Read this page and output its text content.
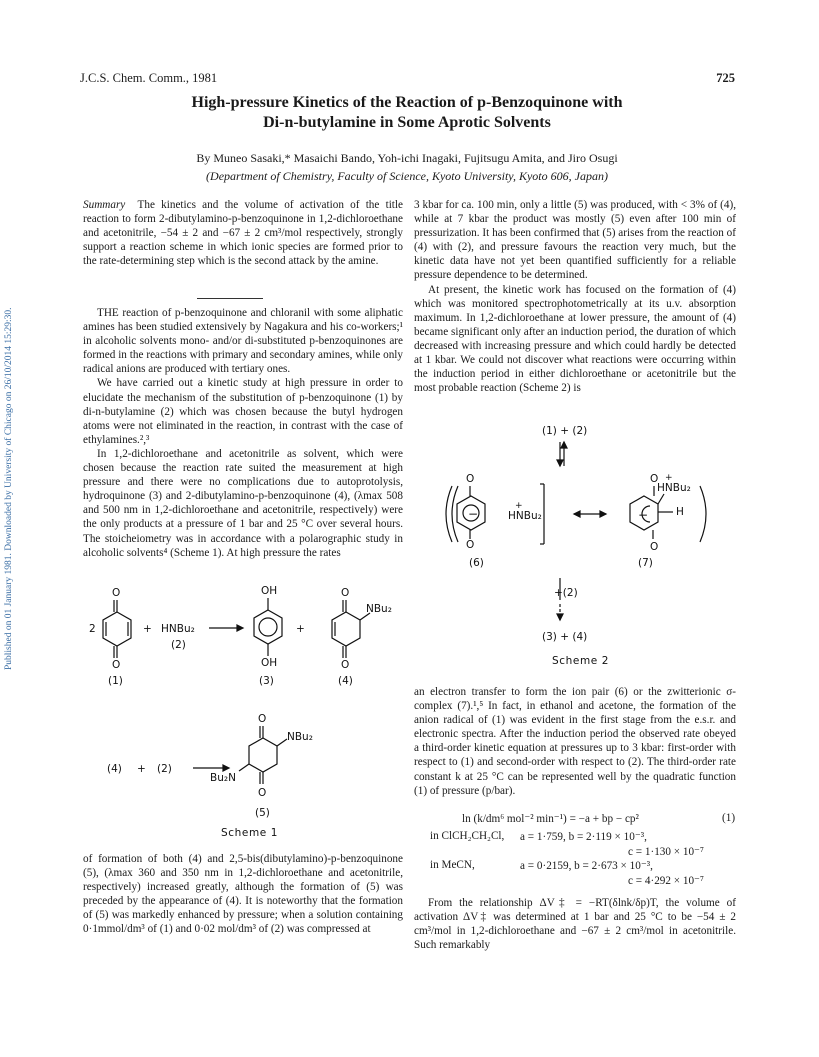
Published on 01 January 1981. Downloaded by University of Chicago on 26/10/2014 15:29:30.
J.C.S. Chem. Comm., 1981	725
High-pressure Kinetics of the Reaction of p-Benzoquinone with
Di-n-butylamine in Some Aprotic Solvents
By Muneo Sasaki,* Masaichi Bando, Yoh-ichi Inagaki, Fujitsugu Amita, and Jiro Osugi
(Department of Chemistry, Faculty of Science, Kyoto University, Kyoto 606, Japan)
Summary The kinetics and the volume of activation of the title reaction to form 2-dibutylamino-p-benzoquinone in 1,2-dichloroethane and acetonitrile, −54 ± 2 and −67 ± 2 cm³/mol respectively, strongly support a reaction scheme in which ionic species are formed prior to the rate-determining step which is the second attack by the amine.

THE reaction of p-benzoquinone and chloranil with some aliphatic amines has been studied extensively by Nagakura and his co-workers;¹ in alcoholic solvents mono- and/or di-substituted p-benzoquinones are formed in the reactions with primary and secondary amines, while only radical anions are produced with tertiary ones.

We have carried out a kinetic study at high pressure in order to elucidate the mechanism of the substitution of p-benzoquinone (1) by di-n-butylamine (2) which was chosen because the butyl hydrogen atoms were not eliminated in the reaction, in contrast with the case of ethylamines.²,³

In 1,2-dichloroethane and acetonitrile as solvent, which were chosen because the reaction rate suited the measurement at high pressure and there were no complications due to autoprotolysis, hydroquinone (3) and 2-dibutylamino-p-benzoquinone (4), (λmax 508 and 500 nm in 1,2-dichloroethane and acetonitrile, respectively) were the only products at a pressure of 1 bar and 25 °C over several hours. The stoicheiometry was in accordance with a polarographic study in alcoholic solvents⁴ (Scheme 1). At high pressure the rates

O
O
2	+ HNBu₂
(2)
OH
OH
+
O
O
NBu₂
(1)	(3)	(4)
(4) + (2)
O
O
NBu₂
Bu₂N
(5)
Scheme 1
of formation of both (4) and 2,5-bis(dibutylamino)-p-benzoquinone (5), (λmax 360 and 350 nm in 1,2-dichloroethane and acetonitrile, respectively) increased greatly, although the formation of (5) was preceded by the appearance of (4). It is noteworthy that the formation of (5) was markedly enhanced by pressure; when a solution containing 0·1mmol/dm³ of (1) and 0·02 mol/dm³ of (2) was compressed at

3 kbar for ca. 100 min, only a little (5) was produced, with < 3% of (4), while at 7 kbar the product was mostly (5) even after 100 min of pressurization. It has been confirmed that (5) arises from the reaction of (4) with (2), and pressure favours the reaction very much, but the kinetic data have not yet been quantified sufficiently for a reliable pressure dependence to be determined.

At present, the kinetic work has focused on the formation of (4) which was monitored spectrophotometrically at its u.v. absorption maximum. In 1,2-dichloroethane at lower pressure, the amount of (4) became significant only after an induction period, the duration of which decreased with increasing pressure and which could hardly be detected at 1 kbar. We could not discover what reactions were occurring within the induction period in either dichloroethane or acetonitrile but the most probable reaction (Scheme 2) is

(1) + (2)
O
O
HNBu₂
+
O
O
HNBu₂
+
H
−	−
(6)	(7)
+(2)
(3) + (4)
Scheme 2
an electron transfer to form the ion pair (6) or the zwitterionic σ-complex (7).¹,⁵ In fact, in ethanol and acetone, the formation of the anion radical of (1) was evident in the first stage from the e.s.r. and electronic spectra. After the induction period the observed rate obeyed a third-order kinetic equation at pressures up to 3 kbar: first-order with respect to (1) and second-order with respect to (2). The third-order rate constant k at 25 °C can be represented well by the quadratic function (1) of pressure (p/bar).
ln (k/dm⁶ mol⁻² min⁻¹) = −a + bp − cp²	(1)
in ClCH₂CH₂Cl, a = 1·759, b = 2·119 × 10⁻³,
c = 1·130 × 10⁻⁷
in MeCN,	a = 0·2159, b = 2·673 × 10⁻³,
c = 4·292 × 10⁻⁷
From the relationship ΔV‡ = −RT(δlnk/δp)T, the volume of activation ΔV‡ was determined at 1 bar and 25 °C to be −54 ± 2 cm³/mol in 1,2-dichloroethane and −67 ± 2 cm³/mol in acetonitrile. Such remarkably
